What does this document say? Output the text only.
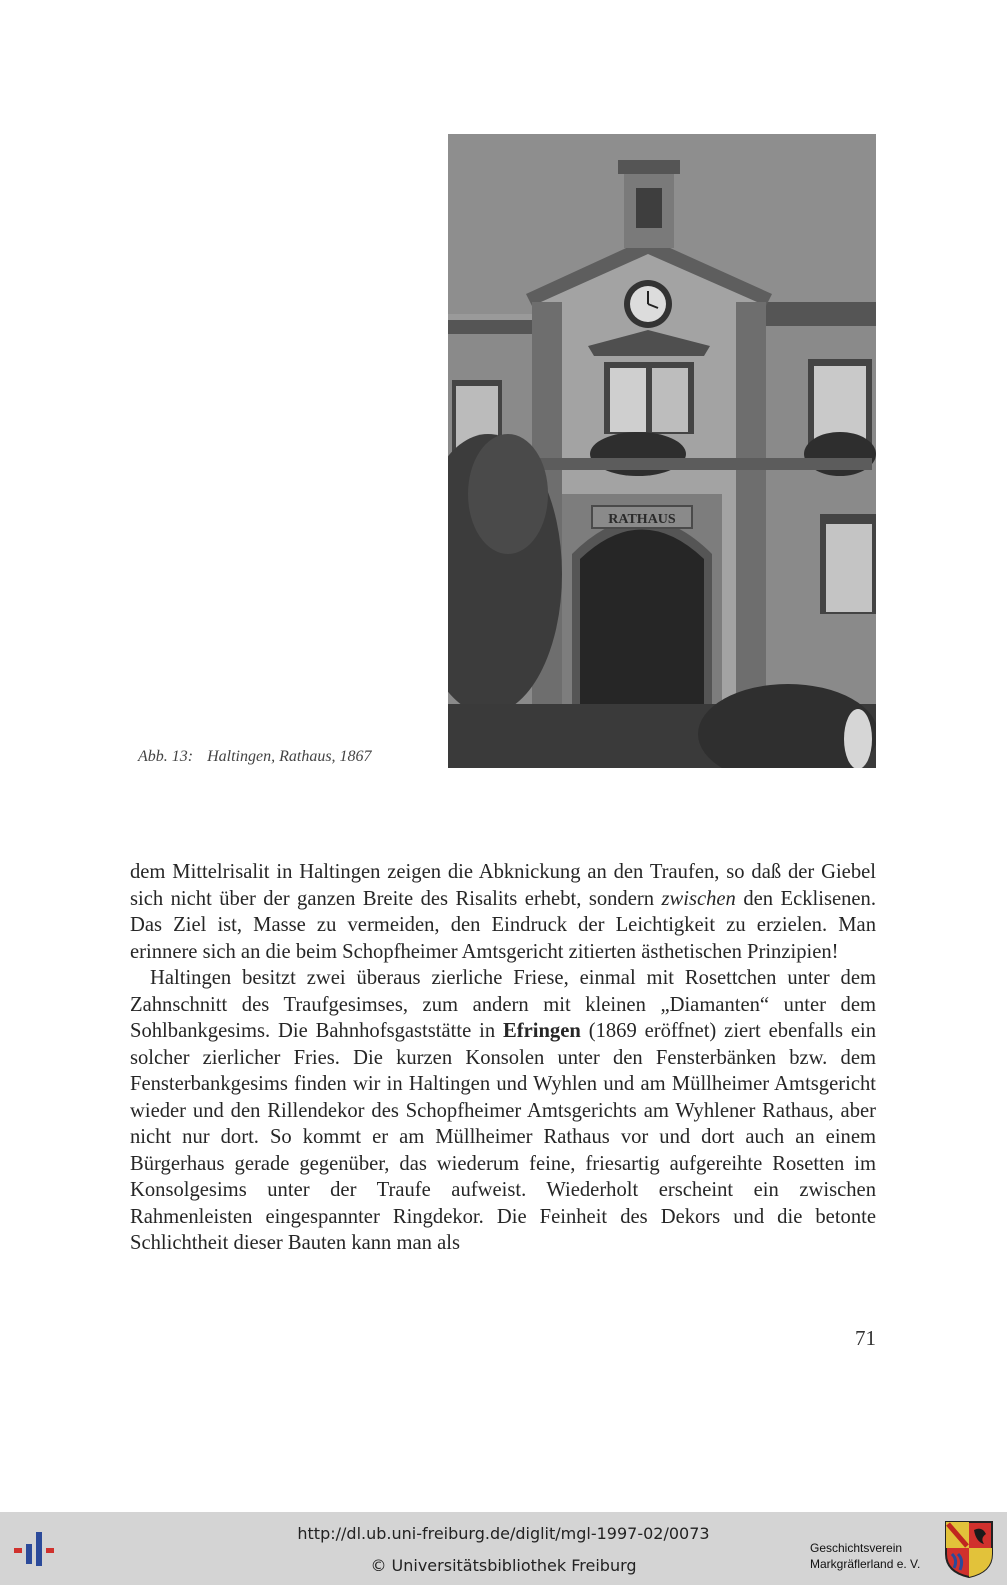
RATHAUS
Abb. 13: Haltingen, Rathaus, 1867

dem Mittelrisalit in Haltingen zeigen die Abknickung an den Traufen, so daß der Giebel sich nicht über der ganzen Breite des Risalits erhebt, sondern zwischen den Ecklisenen. Das Ziel ist, Masse zu vermeiden, den Eindruck der Leichtigkeit zu erzielen. Man erinnere sich an die beim Schopfheimer Amtsgericht zitierten ästhetischen Prinzipien!

Haltingen besitzt zwei überaus zierliche Friese, einmal mit Rosettchen unter dem Zahnschnitt des Traufgesimses, zum andern mit kleinen „Diamanten“ unter dem Sohlbankgesims. Die Bahnhofsgaststätte in Efringen (1869 eröffnet) ziert ebenfalls ein solcher zierlicher Fries. Die kurzen Konsolen unter den Fensterbänken bzw. dem Fensterbankgesims finden wir in Haltingen und Wyhlen und am Müllheimer Amtsgericht wieder und den Rillendekor des Schopfheimer Amtsgerichts am Wyhlener Rathaus, aber nicht nur dort. So kommt er am Müllheimer Rathaus vor und dort auch an einem Bürgerhaus gerade gegenüber, das wiederum feine, friesartig aufgereihte Rosetten im Konsolgesims unter der Traufe aufweist. Wiederholt erscheint ein zwischen Rahmenleisten eingespannter Ringdekor. Die Feinheit des Dekors und die betonte Schlichtheit dieser Bauten kann man als

71
http://dl.ub.uni-freiburg.de/diglit/mgl-1997-02/0073
© Universitätsbibliothek Freiburg
Geschichtsverein
Markgräflerland e. V.
